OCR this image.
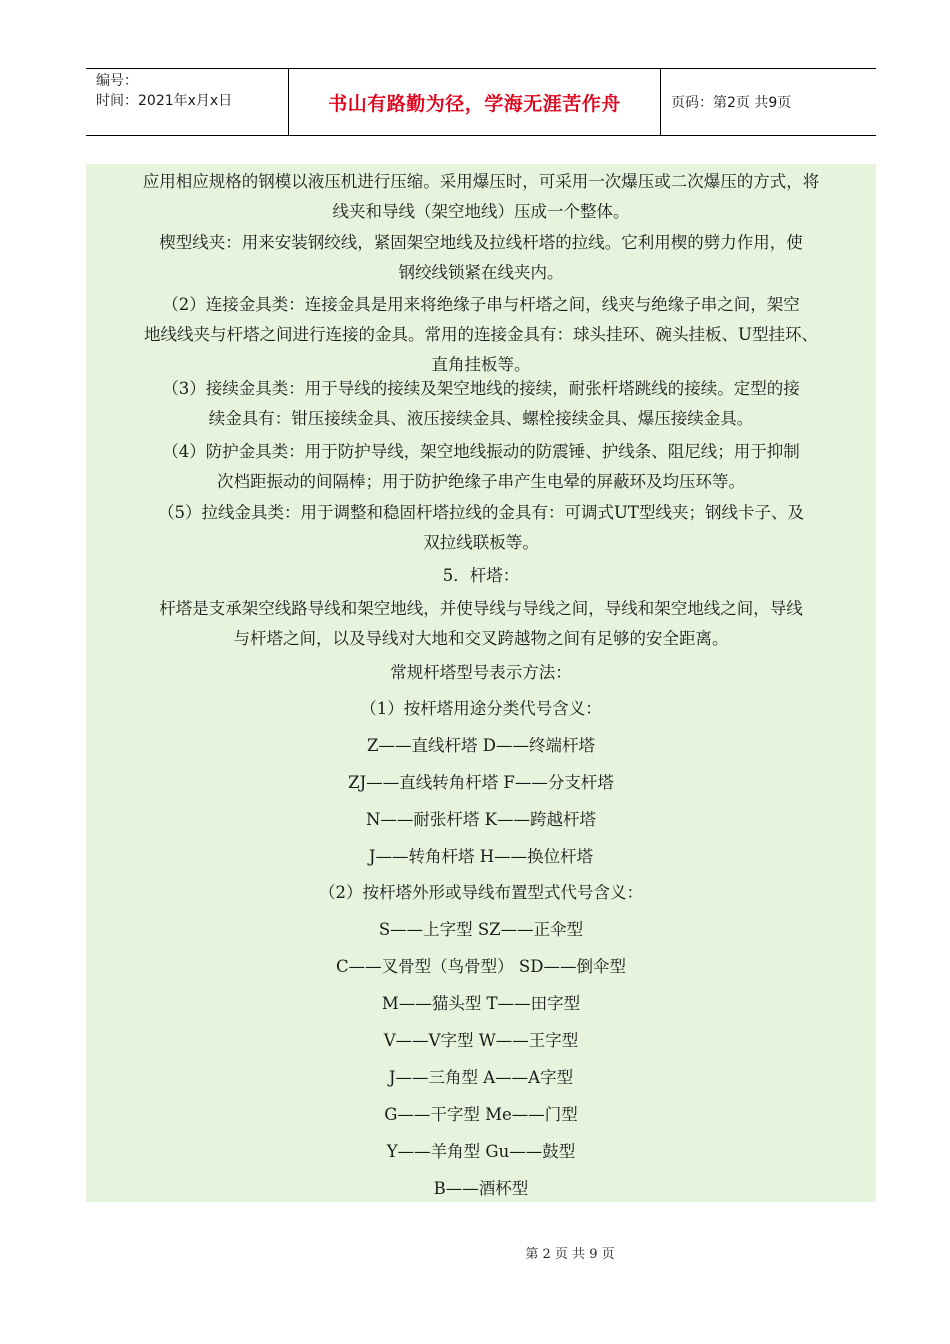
编号：
时间：2021年x月x日	书山有路勤为径，学海无涯苦作舟	页码：第2页 共9页
应用相应规格的钢模以液压机进行压缩。采用爆压时，可采用一次爆压或二次爆压的方式，将
线夹和导线（架空地线）压成一个整体。
楔型线夹：用来安装钢绞线，紧固架空地线及拉线杆塔的拉线。它利用楔的劈力作用，使
钢绞线锁紧在线夹内。
（2）连接金具类：连接金具是用来将绝缘子串与杆塔之间，线夹与绝缘子串之间，架空
地线线夹与杆塔之间进行连接的金具。常用的连接金具有：球头挂环、碗头挂板、U型挂环、
直角挂板等。
（3）接续金具类：用于导线的接续及架空地线的接续，耐张杆塔跳线的接续。定型的接
续金具有：钳压接续金具、液压接续金具、螺栓接续金具、爆压接续金具。
（4）防护金具类：用于防护导线，架空地线振动的防震锤、护线条、阻尼线；用于抑制
次档距振动的间隔棒；用于防护绝缘子串产生电晕的屏蔽环及均压环等。
（5）拉线金具类：用于调整和稳固杆塔拉线的金具有：可调式UT型线夹；钢线卡子、及
双拉线联板等。
5．杆塔：
杆塔是支承架空线路导线和架空地线，并使导线与导线之间，导线和架空地线之间，导线
与杆塔之间，以及导线对大地和交叉跨越物之间有足够的安全距离。
常规杆塔型号表示方法：
（1）按杆塔用途分类代号含义：
Z——直线杆塔 D——终端杆塔
ZJ——直线转角杆塔 F——分支杆塔
N——耐张杆塔 K——跨越杆塔
J——转角杆塔 H——换位杆塔
（2）按杆塔外形或导线布置型式代号含义：
S——上字型 SZ——正伞型
C——叉骨型（鸟骨型） SD——倒伞型
M——猫头型 T——田字型
V——V字型 W——王字型
J——三角型 A——A字型
G——干字型 Me——门型
Y——羊角型 Gu——鼓型
B——酒杯型
第 2 页 共 9 页
